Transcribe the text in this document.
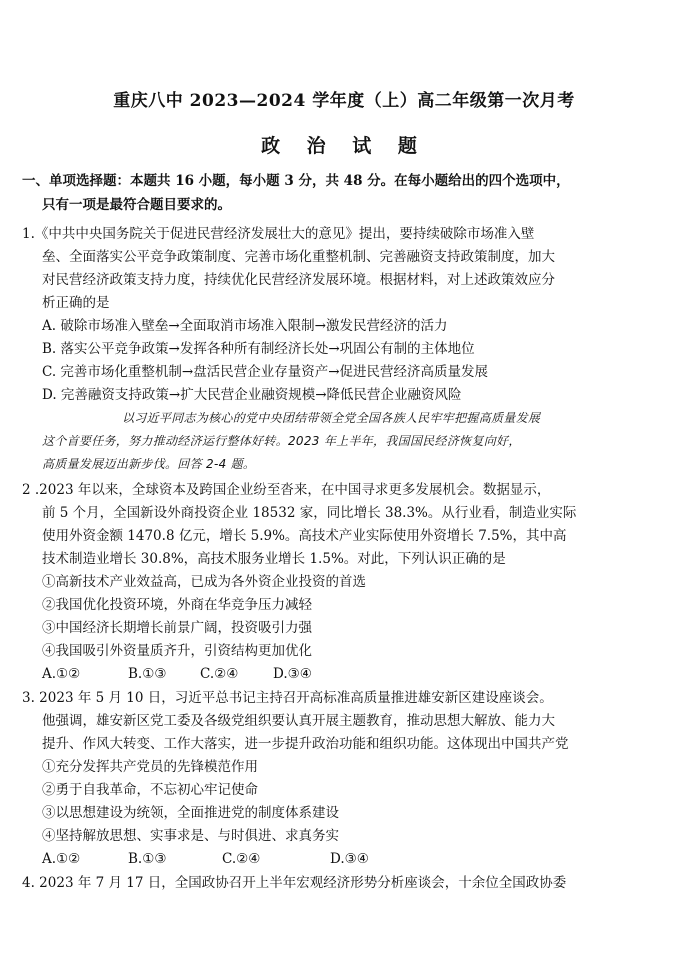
重庆八中 2023—2024 学年度（上）高二年级第一次月考
政 治 试 题
一、单项选择题：本题共 16 小题，每小题 3 分，共 48 分。在每小题给出的四个选项中，
只有一项是最符合题目要求的。
1.《中共中央国务院关于促进民营经济发展壮大的意见》提出，要持续破除市场准入壁
垒、全面落实公平竞争政策制度、完善市场化重整机制、完善融资支持政策制度，加大
对民营经济政策支持力度，持续优化民营经济发展环境。根据材料，对上述政策效应分
析正确的是
A. 破除市场准入壁垒→全面取消市场准入限制→激发民营经济的活力
B. 落实公平竞争政策→发挥各种所有制经济长处→巩固公有制的主体地位
C. 完善市场化重整机制→盘活民营企业存量资产→促进民营经济高质量发展
D. 完善融资支持政策→扩大民营企业融资规模→降低民营企业融资风险
以习近平同志为核心的党中央团结带领全党全国各族人民牢牢把握高质量发展
这个首要任务，努力推动经济运行整体好转。2023 年上半年，我国国民经济恢复向好，
高质量发展迈出新步伐。回答 2-4 题。
2 .2023 年以来，全球资本及跨国企业纷至沓来，在中国寻求更多发展机会。数据显示，
前 5 个月，全国新设外商投资企业 18532 家，同比增长 38.3%。从行业看，制造业实际
使用外资金额 1470.8 亿元，增长 5.9%。高技术产业实际使用外资增长 7.5%，其中高
技术制造业增长 30.8%，高技术服务业增长 1.5%。对此，下列认识正确的是
①高新技术产业效益高，已成为各外资企业投资的首选
②我国优化投资环境，外商在华竞争压力减轻
③中国经济长期增长前景广阔，投资吸引力强
④我国吸引外资量质齐升，引资结构更加优化
A.①②	B.①③ C.②④	D.③④
3. 2023 年 5 月 10 日，习近平总书记主持召开高标准高质量推进雄安新区建设座谈会。
他强调，雄安新区党工委及各级党组织要认真开展主题教育，推动思想大解放、能力大
提升、作风大转变、工作大落实，进一步提升政治功能和组织功能。这体现出中国共产党
①充分发挥共产党员的先锋模范作用
②勇于自我革命，不忘初心牢记使命
③以思想建设为统领，全面推进党的制度体系建设
④坚持解放思想、实事求是、与时俱进、求真务实
A.①②	B.①③	C.②④	D.③④
4. 2023 年 7 月 17 日，全国政协召开上半年宏观经济形势分析座谈会，十余位全国政协委
